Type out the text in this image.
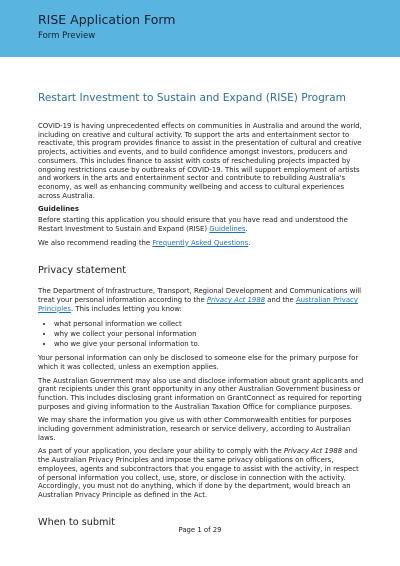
RISE Application Form
Form Preview
Restart Investment to Sustain and Expand (RISE) Program

COVID-19 is having unprecedented effects on communities in Australia and around the world, including on creative and cultural activity. To support the arts and entertainment sector to reactivate, this program provides finance to assist in the presentation of cultural and creative projects, activities and events, and to build confidence amongst investors, producers and consumers. This includes finance to assist with costs of rescheduling projects impacted by ongoing restrictions cause by outbreaks of COVID-19. This will support employment of artists and workers in the arts and entertainment sector and contribute to rebuilding Australia's economy, as well as enhancing community wellbeing and access to cultural experiences across Australia.

Guidelines

Before starting this application you should ensure that you have read and understood the Restart Investment to Sustain and Expand (RISE) Guidelines.

We also recommend reading the Frequently Asked Questions.

Privacy statement

The Department of Infrastructure, Transport, Regional Development and Communications will treat your personal information according to the Privacy Act 1988 and the Australian Privacy Principles. This includes letting you know:

• what personal information we collect
• why we collect your personal information
• who we give your personal information to.

Your personal information can only be disclosed to someone else for the primary purpose for which it was collected, unless an exemption applies.

The Australian Government may also use and disclose information about grant applicants and grant recipients under this grant opportunity in any other Australian Government business or function. This includes disclosing grant information on GrantConnect as required for reporting purposes and giving information to the Australian Taxation Office for compliance purposes.

We may share the information you give us with other Commonwealth entities for purposes including government administration, research or service delivery, according to Australian laws.

As part of your application, you declare your ability to comply with the Privacy Act 1988 and the Australian Privacy Principles and impose the same privacy obligations on officers, employees, agents and subcontractors that you engage to assist with the activity, in respect of personal information you collect, use, store, or disclose in connection with the activity. Accordingly, you must not do anything, which if done by the department, would breach an Australian Privacy Principle as defined in the Act.

When to submit
Page 1 of 29
